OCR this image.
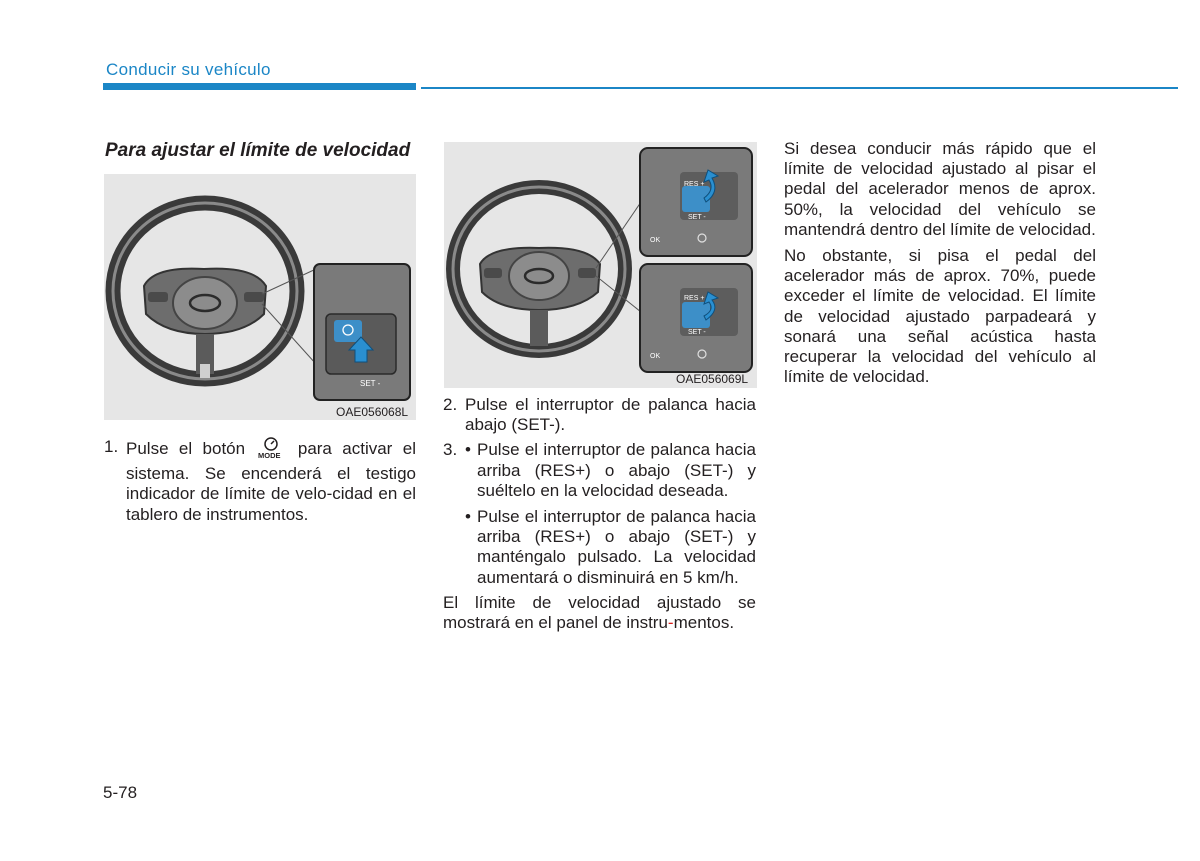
Conducir su vehículo
Para ajustar el límite de velocidad
SET -
OAE056068L
RES +
SET -
OK
RES +
SET -
OK
OAE056069L
1. Pulse el botón MODE para activar el sistema. Se encenderá el testigo indicador de límite de velo-cidad en el tablero de instrumentos.
2. Pulse el interruptor de palanca hacia abajo (SET-).
3. • Pulse el interruptor de palanca hacia arriba (RES+) o abajo (SET-) y suéltelo en la velocidad deseada.
• Pulse el interruptor de palanca hacia arriba (RES+) o abajo (SET-) y manténgalo pulsado. La velocidad aumentará o disminuirá en 5 km/h.
El límite de velocidad ajustado se mostrará en el panel de instru-mentos.
Si desea conducir más rápido que el límite de velocidad ajustado al pisar el pedal del acelerador menos de aprox. 50%, la velocidad del vehículo se mantendrá dentro del límite de velocidad.
No obstante, si pisa el pedal del acelerador más de aprox. 70%, puede exceder el límite de velocidad. El límite de velocidad ajustado parpadeará y sonará una señal acústica hasta recuperar la velocidad del vehículo al límite de velocidad.
5-78
